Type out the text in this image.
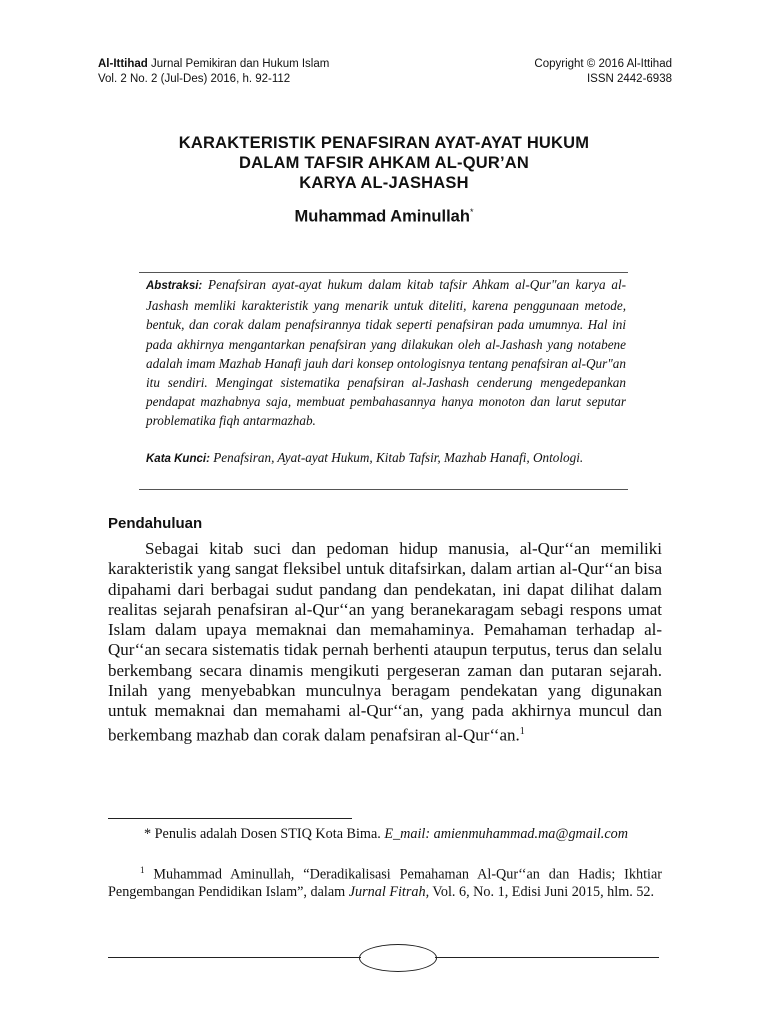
Al-Ittihad Jurnal Pemikiran dan Hukum Islam
Vol. 2 No. 2 (Jul-Des) 2016, h. 92-112
Copyright © 2016 Al-Ittihad
ISSN 2442-6938
KARAKTERISTIK PENAFSIRAN AYAT-AYAT HUKUM
DALAM TAFSIR AHKAM AL-QUR’AN
KARYA AL-JASHASH
Muhammad Aminullah*
Abstraksi: Penafsiran ayat-ayat hukum dalam kitab tafsir Ahkam al-Qur"an karya al-Jashash memliki karakteristik yang menarik untuk diteliti, karena penggunaan metode, bentuk, dan corak dalam penafsirannya tidak seperti penafsiran pada umumnya. Hal ini pada akhirnya mengantarkan penafsiran yang dilakukan oleh al-Jashash yang notabene adalah imam Mazhab Hanafi jauh dari konsep ontologisnya tentang penafsiran al-Qur"an itu sendiri. Mengingat sistematika penafsiran al-Jashash cenderung mengedepankan pendapat mazhabnya saja, membuat pembahasannya hanya monoton dan larut seputar problematika fiqh antarmazhab.
Kata Kunci: Penafsiran, Ayat-ayat Hukum, Kitab Tafsir, Mazhab Hanafi, Ontologi.
Pendahuluan
Sebagai kitab suci dan pedoman hidup manusia, al-Qur‘‘an memiliki karakteristik yang sangat fleksibel untuk ditafsirkan, dalam artian al-Qur‘‘an bisa dipahami dari berbagai sudut pandang dan pendekatan, ini dapat dilihat dalam realitas sejarah penafsiran al-Qur‘‘an yang beranekaragam sebagi respons umat Islam dalam upaya memaknai dan memahaminya. Pemahaman terhadap al-Qur‘‘an secara sistematis tidak pernah berhenti ataupun terputus, terus dan selalu berkembang secara dinamis mengikuti pergeseran zaman dan putaran sejarah. Inilah yang menyebabkan munculnya beragam pendekatan yang digunakan untuk memaknai dan memahami al-Qur‘‘an, yang pada akhirnya muncul dan berkembang mazhab dan corak dalam penafsiran al-Qur‘‘an.$^1$
* Penulis adalah Dosen STIQ Kota Bima. E_mail: amienmuhammad.ma@gmail.com
$^1$ Muhammad Aminullah, “Deradikalisasi Pemahaman Al-Qur‘‘an dan Hadis; Ikhtiar Pengembangan Pendidikan Islam”, dalam Jurnal Fitrah, Vol. 6, No. 1, Edisi Juni 2015, hlm. 52.
